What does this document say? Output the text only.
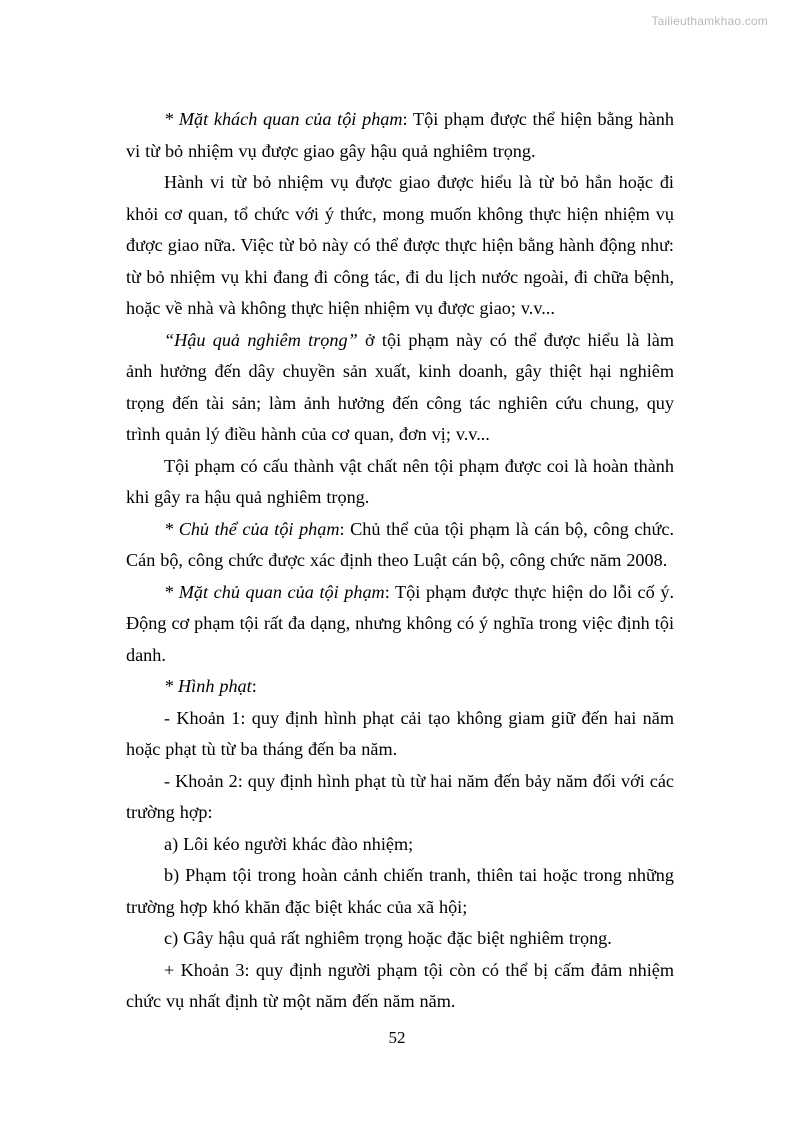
Tailieuthamkhao.com

* Mặt khách quan của tội phạm: Tội phạm được thể hiện bằng hành vi từ bỏ nhiệm vụ được giao gây hậu quả nghiêm trọng.

Hành vi từ bỏ nhiệm vụ được giao được hiểu là từ bỏ hẳn hoặc đi khỏi cơ quan, tổ chức với ý thức, mong muốn không thực hiện nhiệm vụ được giao nữa. Việc từ bỏ này có thể được thực hiện bằng hành động như: từ bỏ nhiệm vụ khi đang đi công tác, đi du lịch nước ngoài, đi chữa bệnh, hoặc về nhà và không thực hiện nhiệm vụ được giao; v.v...

“Hậu quả nghiêm trọng” ở tội phạm này có thể được hiểu là làm ảnh hưởng đến dây chuyền sản xuất, kinh doanh, gây thiệt hại nghiêm trọng đến tài sản; làm ảnh hưởng đến công tác nghiên cứu chung, quy trình quản lý điều hành của cơ quan, đơn vị; v.v...

Tội phạm có cấu thành vật chất nên tội phạm được coi là hoàn thành khi gây ra hậu quả nghiêm trọng.

* Chủ thể của tội phạm: Chủ thể của tội phạm là cán bộ, công chức. Cán bộ, công chức được xác định theo Luật cán bộ, công chức năm 2008.

* Mặt chủ quan của tội phạm: Tội phạm được thực hiện do lỗi cố ý. Động cơ phạm tội rất đa dạng, nhưng không có ý nghĩa trong việc định tội danh.

* Hình phạt:

- Khoản 1: quy định hình phạt cải tạo không giam giữ đến hai năm hoặc phạt tù từ ba tháng đến ba năm.

- Khoản 2: quy định hình phạt tù từ hai năm đến bảy năm đối với các trường hợp:

a) Lôi kéo người khác đào nhiệm;

b) Phạm tội trong hoàn cảnh chiến tranh, thiên tai hoặc trong những trường hợp khó khăn đặc biệt khác của xã hội;

c) Gây hậu quả rất nghiêm trọng hoặc đặc biệt nghiêm trọng.

+ Khoản 3: quy định người phạm tội còn có thể bị cấm đảm nhiệm chức vụ nhất định từ một năm đến năm năm.

52
